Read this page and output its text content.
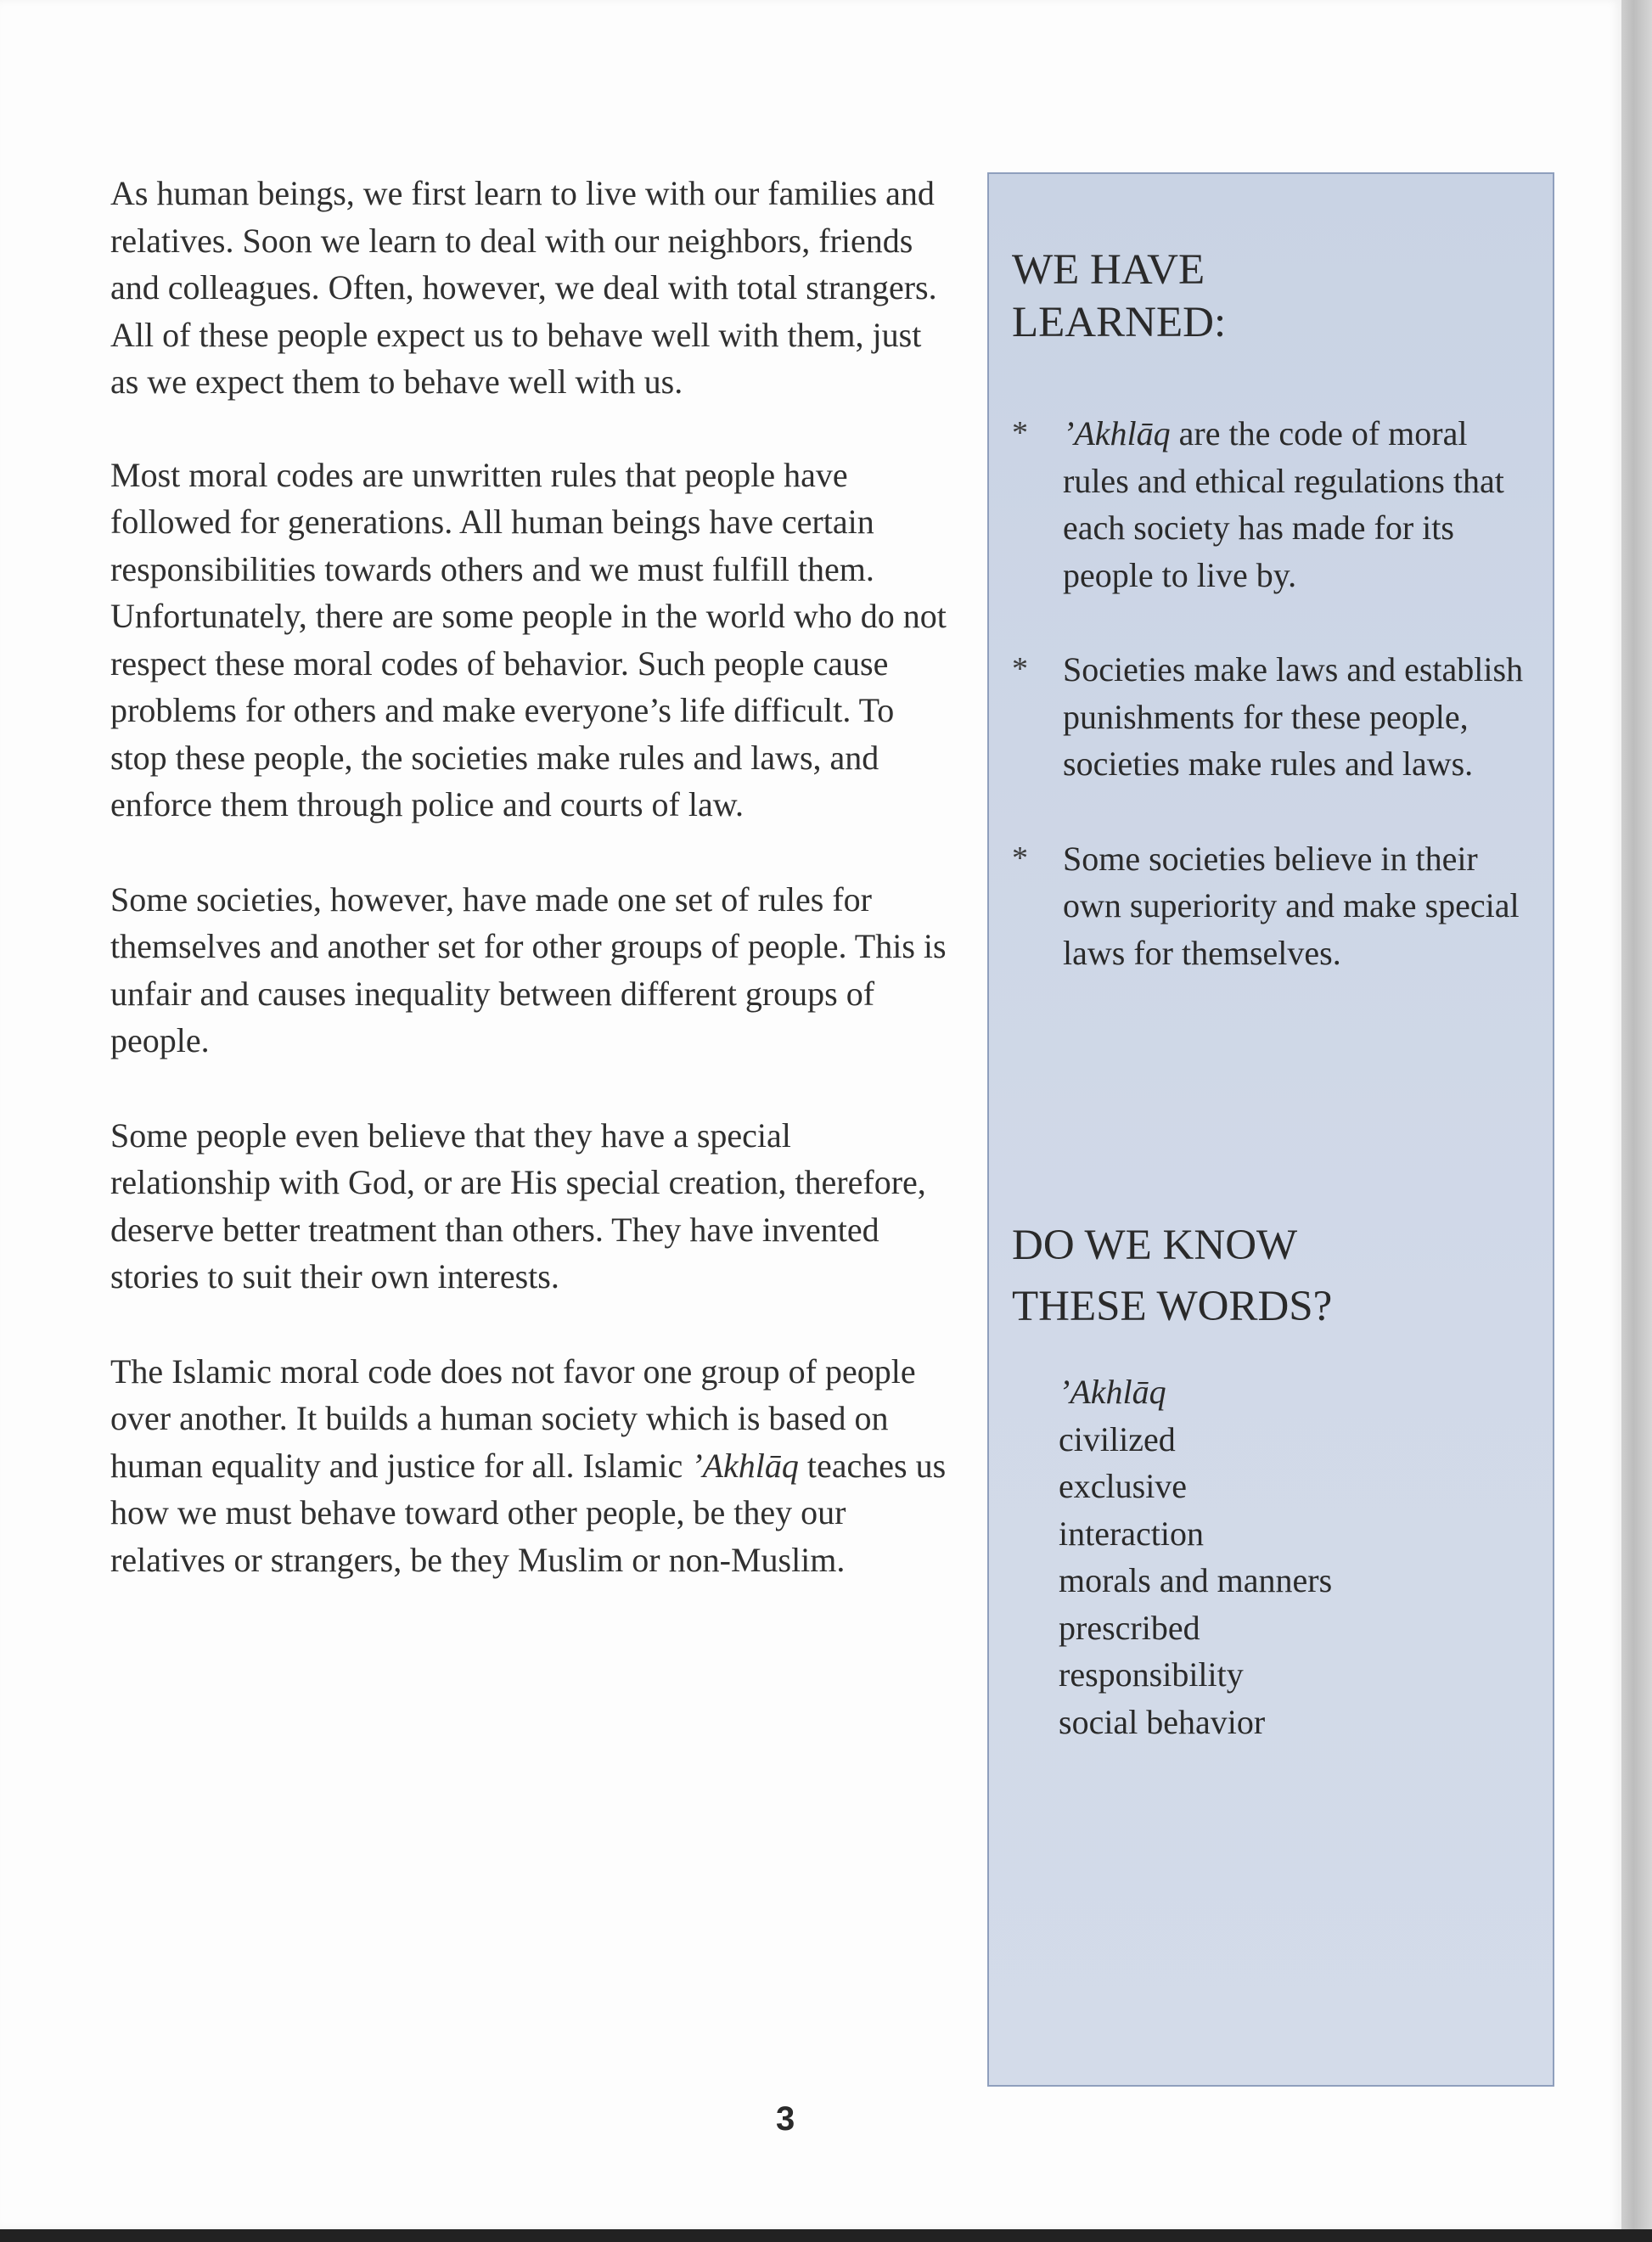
As human beings, we first learn to live with our families and relatives. Soon we learn to deal with our neighbors, friends and colleagues. Often, however, we deal with total strangers. All of these people expect us to behave well with them, just as we expect them to behave well with us.

Most moral codes are unwritten rules that people have followed for generations. All human beings have certain responsibilities towards others and we must fulfill them. Unfortunately, there are some people in the world who do not respect these moral codes of behavior. Such people cause problems for others and make everyone’s life difficult. To stop these people, the societies make rules and laws, and enforce them through police and courts of law.

Some societies, however, have made one set of rules for themselves and another set for other groups of people. This is unfair and causes inequality between different groups of people.

Some people even believe that they have a special relationship with God, or are His special creation, therefore, deserve better treatment than others. They have invented stories to suit their own interests.

The Islamic moral code does not favor one group of people over another. It builds a human society which is based on human equality and justice for all. Islamic ’Akhlāq teaches us how we must behave toward other people, be they our relatives or strangers, be they Muslim or non-Muslim.

WE HAVE
LEARNED:
* ’Akhlāq are the code of moral rules and ethical regulations that each society has made for its people to live by.
* Societies make laws and establish punishments for these people, societies make rules and laws.
* Some societies believe in their own superiority and make special laws for themselves.
DO WE KNOW
THESE WORDS?
’Akhlāq
civilized
exclusive
interaction
morals and manners
prescribed
responsibility
social behavior
3
